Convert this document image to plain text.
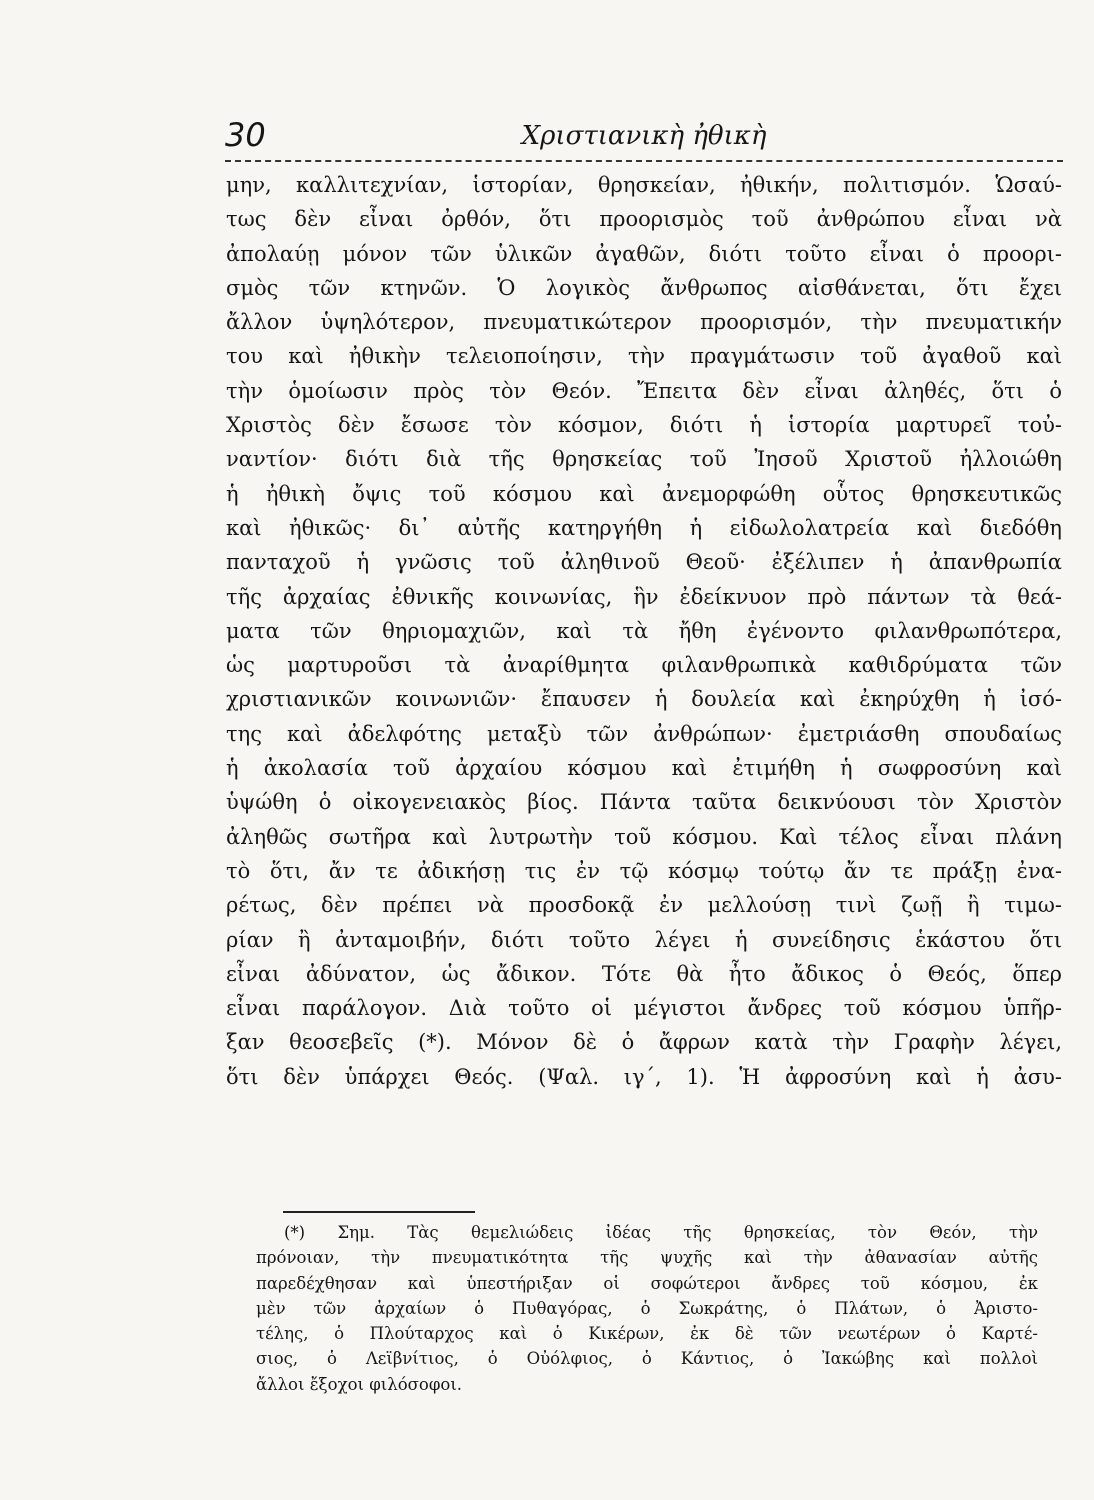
30	Χριστιανικὴ ἠθικὴ
μην, καλλιτεχνίαν, ἱστορίαν, θρησκείαν, ἠθικήν, πολιτισμόν. Ὡσαύ-
τως δὲν εἶναι ὀρθόν, ὅτι προορισμὸς τοῦ ἀνθρώπου εἶναι νὰ
ἀπολαύῃ μόνον τῶν ὑλικῶν ἀγαθῶν, διότι τοῦτο εἶναι ὁ προορι-
σμὸς τῶν κτηνῶν. Ὁ λογικὸς ἄνθρωπος αἰσθάνεται, ὅτι ἔχει
ἄλλον ὑψηλότερον, πνευματικώτερον προορισμόν, τὴν πνευματικήν
του καὶ ἠθικὴν τελειοποίησιν, τὴν πραγμάτωσιν τοῦ ἀγαθοῦ καὶ
τὴν ὁμοίωσιν πρὸς τὸν Θεόν. Ἔπειτα δὲν εἶναι ἀληθές, ὅτι ὁ
Χριστὸς δὲν ἔσωσε τὸν κόσμον, διότι ἡ ἱστορία μαρτυρεῖ τοὐ-
ναντίον· διότι διὰ τῆς θρησκείας τοῦ Ἰησοῦ Χριστοῦ ἠλλοιώθη
ἡ ἠθικὴ ὄψις τοῦ κόσμου καὶ ἀνεμορφώθη οὗτος θρησκευτικῶς
καὶ ἠθικῶς· δι᾽ αὐτῆς κατηργήθη ἡ εἰδωλολατρεία καὶ διεδόθη
πανταχοῦ ἡ γνῶσις τοῦ ἀληθινοῦ Θεοῦ· ἐξέλιπεν ἡ ἀπανθρωπία
τῆς ἀρχαίας ἐθνικῆς κοινωνίας, ἣν ἐδείκνυον πρὸ πάντων τὰ θεά-
ματα τῶν θηριομαχιῶν, καὶ τὰ ἤθη ἐγένοντο φιλανθρωπότερα,
ὡς μαρτυροῦσι τὰ ἀναρίθμητα φιλανθρωπικὰ καθιδρύματα τῶν
χριστιανικῶν κοινωνιῶν· ἔπαυσεν ἡ δουλεία καὶ ἐκηρύχθη ἡ ἰσό-
της καὶ ἀδελφότης μεταξὺ τῶν ἀνθρώπων· ἐμετριάσθη σπουδαίως
ἡ ἀκολασία τοῦ ἀρχαίου κόσμου καὶ ἐτιμήθη ἡ σωφροσύνη καὶ
ὑψώθη ὁ οἰκογενειακὸς βίος. Πάντα ταῦτα δεικνύουσι τὸν Χριστὸν
ἀληθῶς σωτῆρα καὶ λυτρωτὴν τοῦ κόσμου. Καὶ τέλος εἶναι πλάνη
τὸ ὅτι, ἄν τε ἀδικήσῃ τις ἐν τῷ κόσμῳ τούτῳ ἄν τε πράξῃ ἐνα-
ρέτως, δὲν πρέπει νὰ προσδοκᾷ ἐν μελλούσῃ τινὶ ζωῇ ἢ τιμω-
ρίαν ἢ ἀνταμοιβήν, διότι τοῦτο λέγει ἡ συνείδησις ἑκάστου ὅτι
εἶναι ἀδύνατον, ὡς ἄδικον. Τότε θὰ ἦτο ἄδικος ὁ Θεός, ὅπερ
εἶναι παράλογον. Διὰ τοῦτο οἱ μέγιστοι ἄνδρες τοῦ κόσμου ὑπῆρ-
ξαν θεοσεβεῖς (*). Μόνον δὲ ὁ ἄφρων κατὰ τὴν Γραφὴν λέγει,
ὅτι δὲν ὑπάρχει Θεός. (Ψαλ. ιγ´, 1). Ἡ ἀφροσύνη καὶ ἡ ἀσυ-
(*) Σημ. Τὰς θεμελιώδεις ἰδέας τῆς θρησκείας, τὸν Θεόν, τὴν
πρόνοιαν, τὴν πνευματικότητα τῆς ψυχῆς καὶ τὴν ἀθανασίαν αὐτῆς
παρεδέχθησαν καὶ ὑπεστήριξαν οἱ σοφώτεροι ἄνδρες τοῦ κόσμου, ἐκ
μὲν τῶν ἀρχαίων ὁ Πυθαγόρας, ὁ Σωκράτης, ὁ Πλάτων, ὁ Ἀριστο-
τέλης, ὁ Πλούταρχος καὶ ὁ Κικέρων, ἐκ δὲ τῶν νεωτέρων ὁ Καρτέ-
σιος, ὁ Λεϊβνίτιος, ὁ Οὐόλφιος, ὁ Κάντιος, ὁ Ἰακώβης καὶ πολλοὶ
ἄλλοι ἔξοχοι φιλόσοφοι.
